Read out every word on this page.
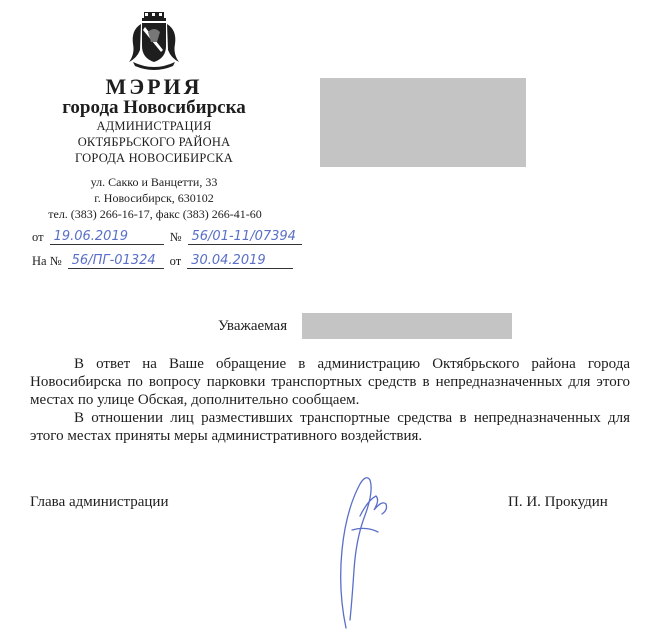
МЭРИЯ
города Новосибирска
АДМИНИСТРАЦИЯ
ОКТЯБРЬСКОГО РАЙОНА
ГОРОДА НОВОСИБИРСКА
ул. Сакко и Ванцетти, 33
г. Новосибирск, 630102
тел. (383) 266-16-17, факс (383) 266-41-60
от 19.06.2019	№ 56/01-11/07394
На № 56/ПГ-01324	от 30.04.2019
Уважаемая

В ответ на Ваше обращение в администрацию Октябрьского района города Новосибирска по вопросу парковки транспортных средств в непредназначенных для этого местах по улице Обская, дополнительно сообщаем.

В отношении лиц разместивших транспортные средства в непредназначенных для этого местах приняты меры административного воздействия.

Глава администрации	П. И. Прокудин
